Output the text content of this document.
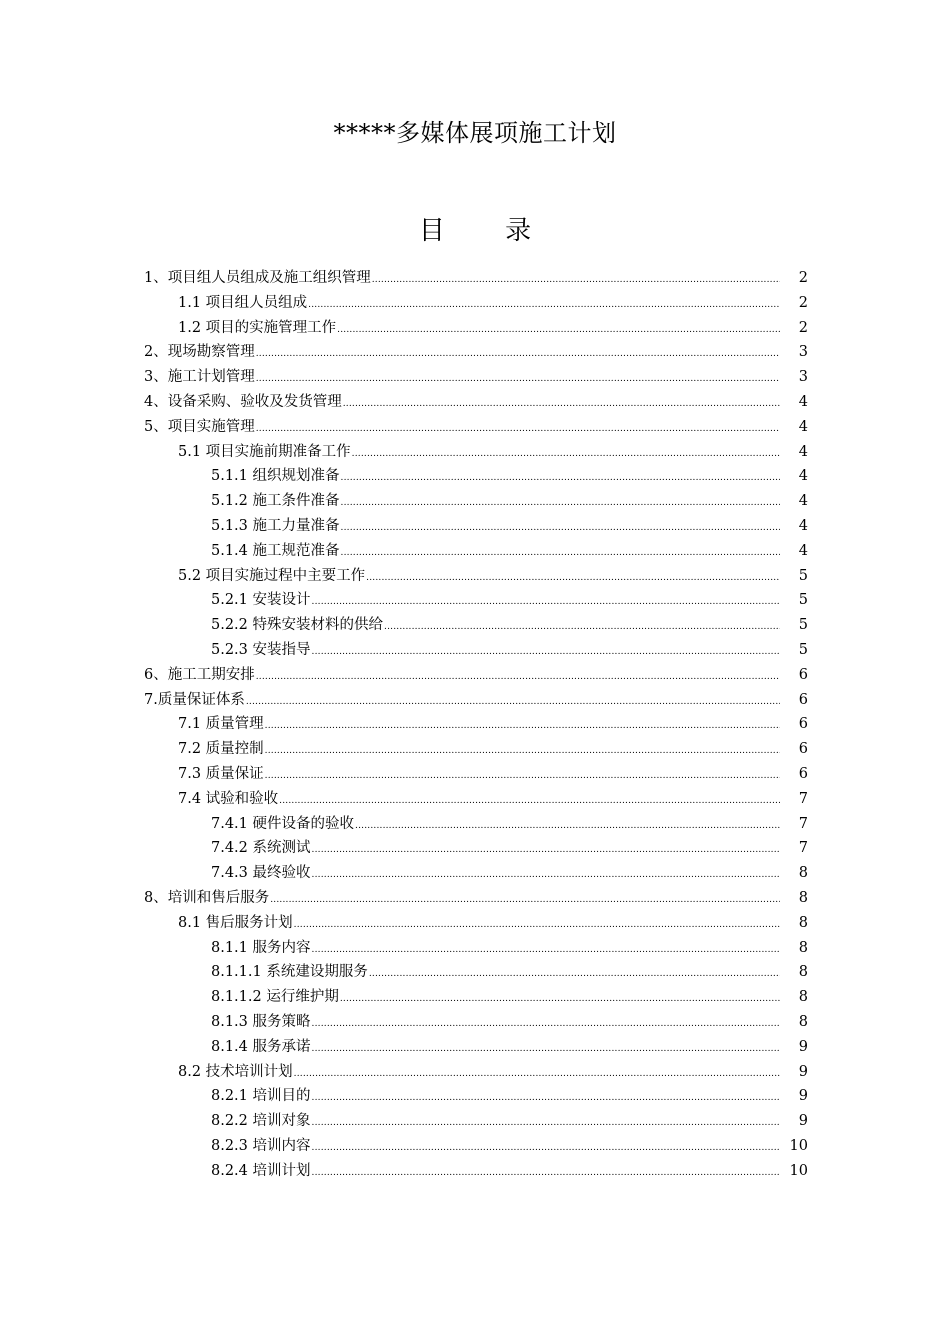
*****多媒体展项施工计划
目 录
1、项目组人员组成及施工组织管理 .....	2
1.1 项目组人员组成 .....	2
1.2 项目的实施管理工作 .....	2
2、现场勘察管理 .....	3
3、施工计划管理 .....	3
4、设备采购、验收及发货管理 .....	4
5、项目实施管理 .....	4
5.1 项目实施前期准备工作 .....	4
5.1.1 组织规划准备 .....	4
5.1.2 施工条件准备 .....	4
5.1.3 施工力量准备 .....	4
5.1.4 施工规范准备 .....	4
5.2 项目实施过程中主要工作 .....	5
5.2.1 安装设计 .....	5
5.2.2 特殊安装材料的供给 .....	5
5.2.3 安装指导 .....	5
6、施工工期安排 .....	6
7.质量保证体系 .....	6
7.1 质量管理 .....	6
7.2 质量控制 .....	6
7.3 质量保证 .....	6
7.4 试验和验收 .....	7
7.4.1 硬件设备的验收 .....	7
7.4.2 系统测试 .....	7
7.4.3 最终验收 .....	8
8、培训和售后服务 .....	8
8.1 售后服务计划 .....	8
8.1.1 服务内容 .....	8
8.1.1.1 系统建设期服务 .....	8
8.1.1.2 运行维护期 .....	8
8.1.3 服务策略 .....	8
8.1.4 服务承诺 .....	9
8.2 技术培训计划 .....	9
8.2.1 培训目的 .....	9
8.2.2 培训对象 .....	9
8.2.3 培训内容 .....	10
8.2.4 培训计划 .....	10
